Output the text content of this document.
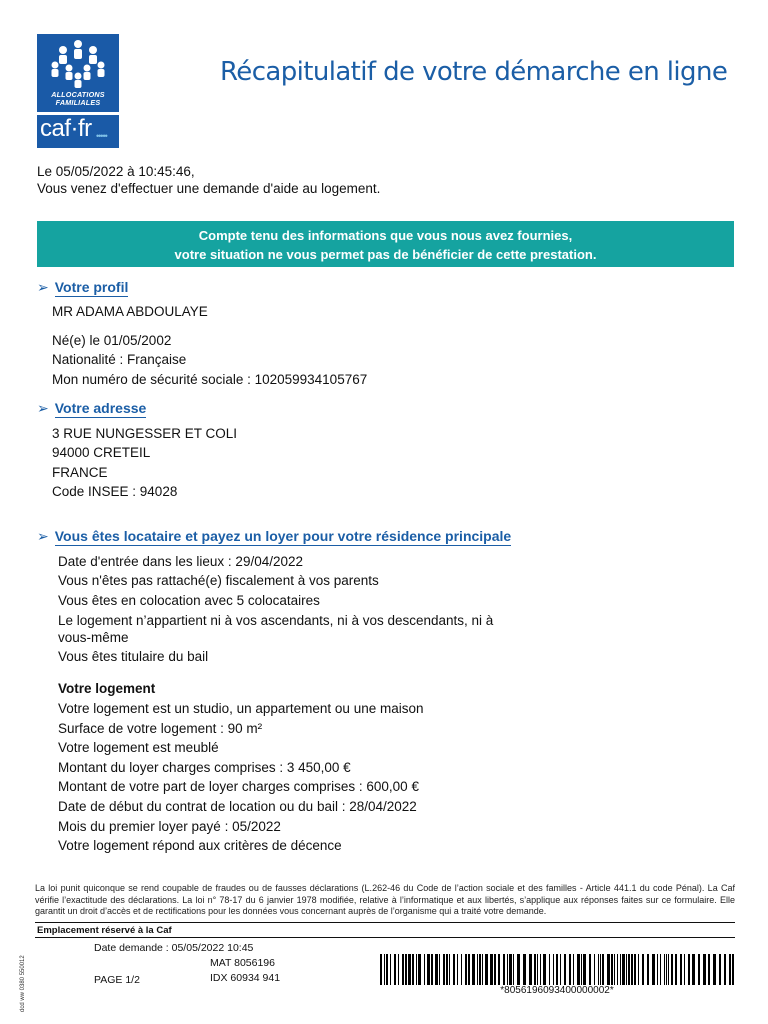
ALLOCATIONS
FAMILIALES
caf·fr •••••
Récapitulatif de votre démarche en ligne
Le 05/05/2022 à 10:45:46,
Vous venez d'effectuer une demande d'aide au logement.
Compte tenu des informations que vous nous avez fournies,
votre situation ne vous permet pas de bénéficier de cette prestation.
➢ Votre profil
MR ADAMA ABDOULAYE
Né(e) le 01/05/2002
Nationalité : Française
Mon numéro de sécurité sociale : 102059934105767
➢ Votre adresse
3 RUE NUNGESSER ET COLI
94000 CRETEIL
FRANCE
Code INSEE : 94028
➢ Vous êtes locataire et payez un loyer pour votre résidence principale
Date d'entrée dans les lieux : 29/04/2022
Vous n'êtes pas rattaché(e) fiscalement à vos parents
Vous êtes en colocation avec 5 colocataires
Le logement n’appartient ni à vos ascendants, ni à vos descendants, ni à vous-même
Vous êtes titulaire du bail
Votre logement
Votre logement est un studio, un appartement ou une maison
Surface de votre logement : 90 m²
Votre logement est meublé
Montant du loyer charges comprises : 3 450,00 €
Montant de votre part de loyer charges comprises : 600,00 €
Date de début du contrat de location ou du bail : 28/04/2022
Mois du premier loyer payé : 05/2022
Votre logement répond aux critères de décence
La loi punit quiconque se rend coupable de fraudes ou de fausses déclarations (L.262-46 du Code de l’action sociale et des familles - Article 441.1 du code Pénal). La Caf vérifie l’exactitude des déclarations. La loi n° 78-17 du 6 janvier 1978 modifiée, relative à l’informatique et aux libertés, s’applique aux réponses faites sur ce formulaire. Elle garantit un droit d’accès et de rectifications pour les données vous concernant auprès de l’organisme qui a traité votre demande.
Emplacement réservé à la Caf
dcd ww 0380 550012
Date demande : 05/05/2022 10:45
MAT 8056196
IDX 60934 941
PAGE 1/2
*8056196093400000002*
